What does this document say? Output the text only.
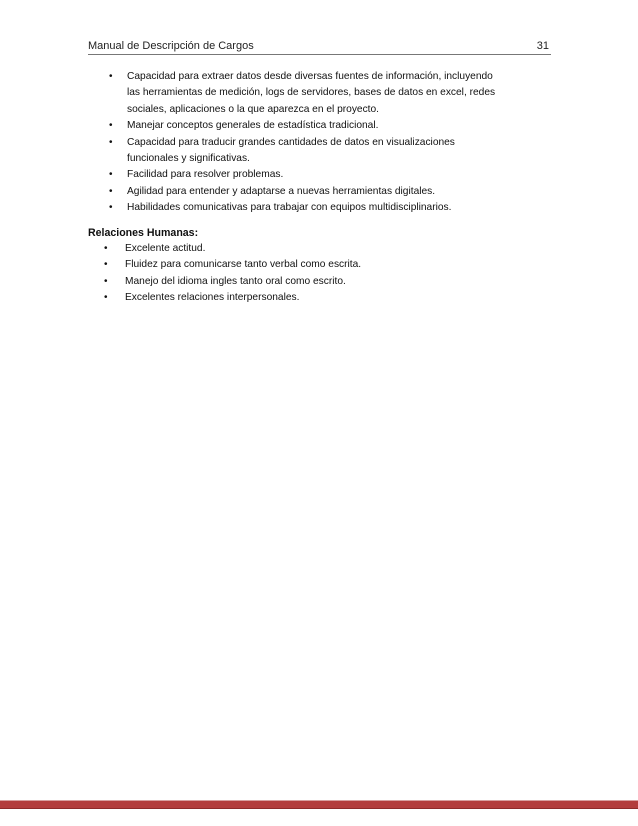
Manual de Descripción de Cargos	31
• Capacidad para extraer datos desde diversas fuentes de información, incluyendo
las herramientas de medición, logs de servidores, bases de datos en excel, redes
sociales, aplicaciones o la que aparezca en el proyecto.
• Manejar conceptos generales de estadística tradicional.
• Capacidad para traducir grandes cantidades de datos en visualizaciones
funcionales y significativas.
• Facilidad para resolver problemas.
• Agilidad para entender y adaptarse a nuevas herramientas digitales.
• Habilidades comunicativas para trabajar con equipos multidisciplinarios.
Relaciones Humanas:
• Excelente actitud.
• Fluidez para comunicarse tanto verbal como escrita.
• Manejo del idioma ingles tanto oral como escrito.
• Excelentes relaciones interpersonales.
